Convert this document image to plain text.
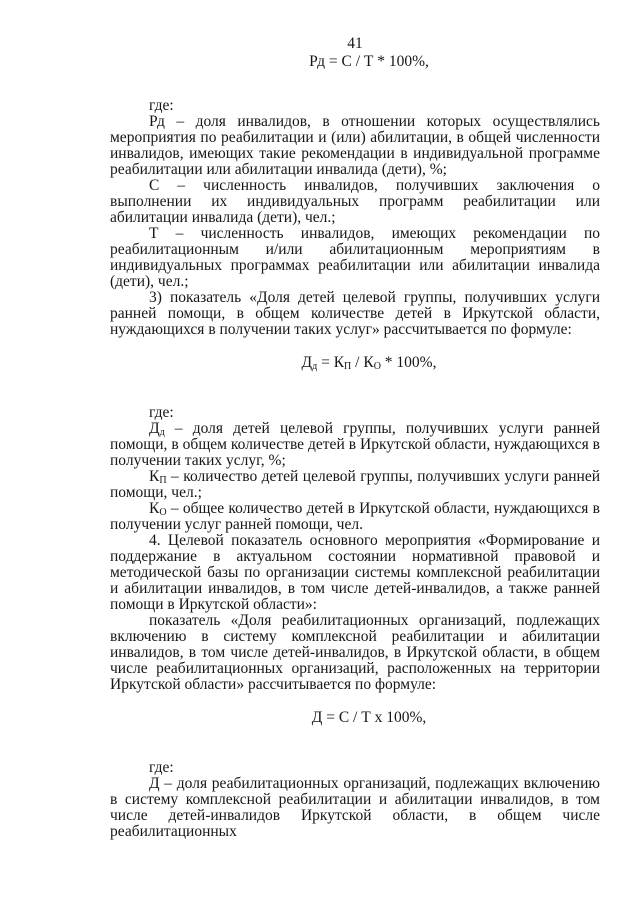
41
Рд = С / Т * 100%,

где:

Рд – доля инвалидов, в отношении которых осуществлялись мероприятия по реабилитации и (или) абилитации, в общей численности инвалидов, имеющих такие рекомендации в индивидуальной программе реабилитации или абилитации инвалида (дети), %;

С – численность инвалидов, получивших заключения о выполнении их индивидуальных программ реабилитации или абилитации инвалида (дети), чел.;

Т – численность инвалидов, имеющих рекомендации по реабилитационным и/или абилитационным мероприятиям в индивидуальных программах реабилитации или абилитации инвалида (дети), чел.;

3) показатель «Доля детей целевой группы, получивших услуги ранней помощи, в общем количестве детей в Иркутской области, нуждающихся в получении таких услуг» рассчитывается по формуле:

$Д_д = К_П / К_О * 100\%$,

где:

$Д_д$ – доля детей целевой группы, получивших услуги ранней помощи, в общем количестве детей в Иркутской области, нуждающихся в получении таких услуг, %;

$К_П$ – количество детей целевой группы, получивших услуги ранней помощи, чел.;

$К_О$ – общее количество детей в Иркутской области, нуждающихся в получении услуг ранней помощи, чел.

4. Целевой показатель основного мероприятия «Формирование и поддержание в актуальном состоянии нормативной правовой и методической базы по организации системы комплексной реабилитации и абилитации инвалидов, в том числе детей-инвалидов, а также ранней помощи в Иркутской области»:

показатель «Доля реабилитационных организаций, подлежащих включению в систему комплексной реабилитации и абилитации инвалидов, в том числе детей-инвалидов, в Иркутской области, в общем числе реабилитационных организаций, расположенных на территории Иркутской области» рассчитывается по формуле:

Д = С / Т х 100%,

где:

Д – доля реабилитационных организаций, подлежащих включению в систему комплексной реабилитации и абилитации инвалидов, в том числе детей-инвалидов Иркутской области, в общем числе реабилитационных
